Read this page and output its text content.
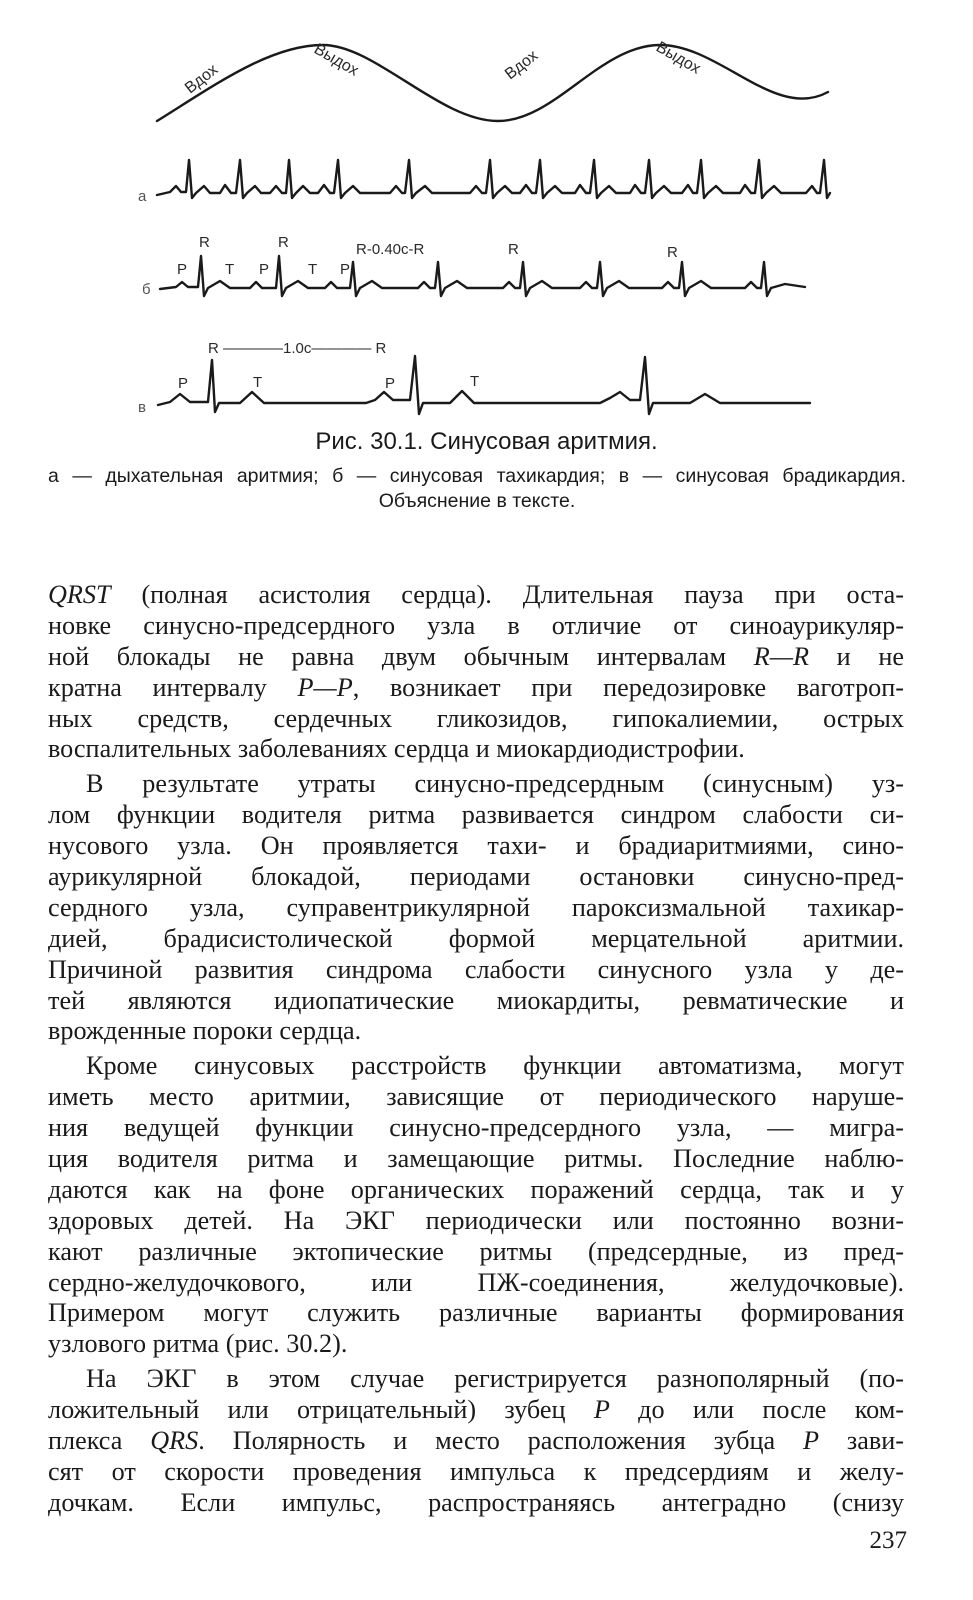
Вдох	Выдох	Вдох	Выдох
а
б
R	R	R-0.40c-R	R	R
P	T P	T P
в
R ————1.0с———— R
P	T	P	T
Рис. 30.1. Синусовая аритмия.
а — дыхательная аритмия; б — синусовая тахикардия; в — синусовая брадикардия. Объяснение в тексте.
QRST (полная асистолия сердца). Длительная пауза при оста-
новке синусно-предсердного узла в отличие от синоаурикуляр-
ной блокады не равна двум обычным интервалам R—R и не
кратна интервалу P—P, возникает при передозировке ваготроп-
ных средств, сердечных гликозидов, гипокалиемии, острых
воспалительных заболеваниях сердца и миокардиодистрофии.
В результате утраты синусно-предсердным (синусным) уз-
лом функции водителя ритма развивается синдром слабости си-
нусового узла. Он проявляется тахи- и брадиаритмиями, сино-
аурикулярной блокадой, периодами остановки синусно-пред-
сердного узла, суправентрикулярной пароксизмальной тахикар-
дией, брадисистолической формой мерцательной аритмии.
Причиной развития синдрома слабости синусного узла у де-
тей являются идиопатические миокардиты, ревматические и
врожденные пороки сердца.
Кроме синусовых расстройств функции автоматизма, могут
иметь место аритмии, зависящие от периодического наруше-
ния ведущей функции синусно-предсердного узла, — мигра-
ция водителя ритма и замещающие ритмы. Последние наблю-
даются как на фоне органических поражений сердца, так и у
здоровых детей. На ЭКГ периодически или постоянно возни-
кают различные эктопические ритмы (предсердные, из пред-
сердно-желудочкового, или ПЖ-соединения, желудочковые).
Примером могут служить различные варианты формирования
узлового ритма (рис. 30.2).
На ЭКГ в этом случае регистрируется разнополярный (по-
ложительный или отрицательный) зубец P до или после ком-
плекса QRS. Полярность и место расположения зубца P зави-
сят от скорости проведения импульса к предсердиям и желу-
дочкам. Если импульс, распространяясь антеградно (снизу
237
